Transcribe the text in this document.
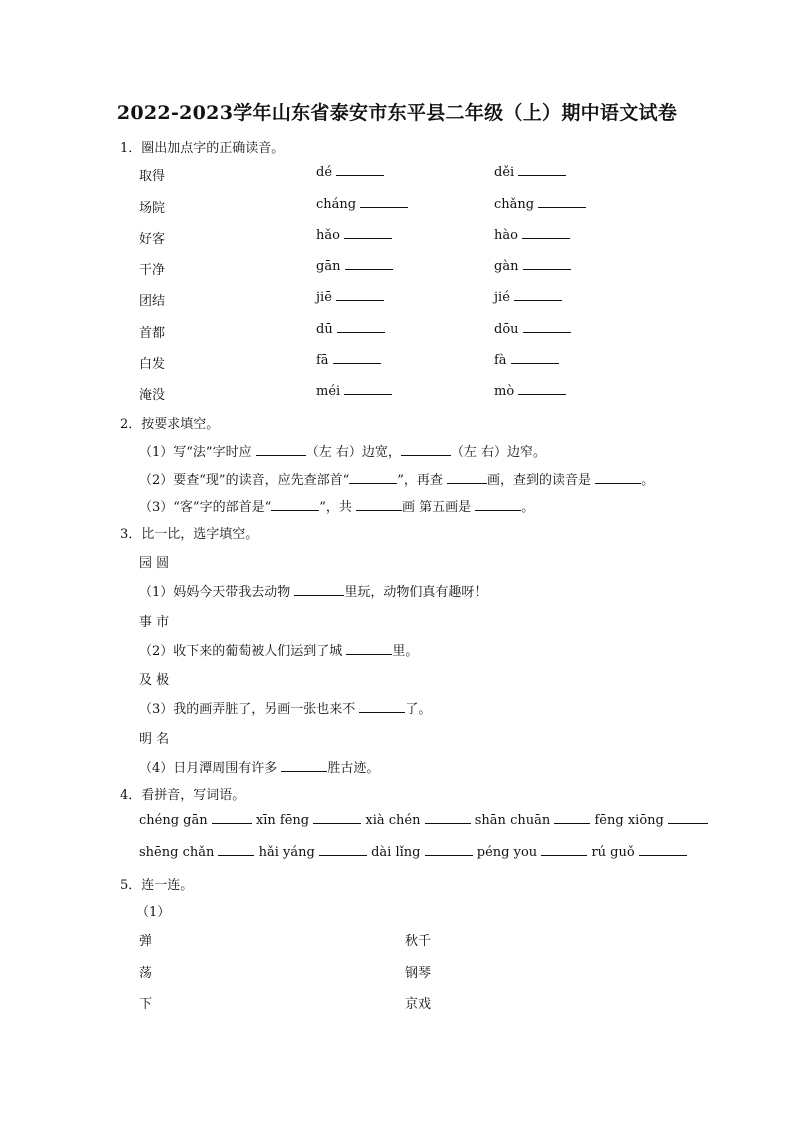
2022-2023学年山东省泰安市东平县二年级（上）期中语文试卷
1．圈出加点字的正确读音。
取得	dé	děi
场院	cháng	chǎng
好客	hǎo	hào
干净	gān	gàn
团结	jiē	jié
首都	dū	dōu
白发	fā	fà
淹没	méi	mò
2．按要求填空。
（1）写“法”字时应	（左 右）边宽，	（左 右）边窄。
（2）要查“现”的读音，应先查部首“	”，再查	画，查到的读音是	。
（3）“客”字的部首是“	”，共	画 第五画是	。
3．比一比，选字填空。
园 圆
（1）妈妈今天带我去动物	里玩，动物们真有趣呀！
事 市
（2）收下来的葡萄被人们运到了城	里。
及 极
（3）我的画弄脏了，另画一张也来不	了。
明 名
（4）日月潭周围有许多	胜古迹。
4．看拼音，写词语。
chéng gān	xīn fēng	xià chén	shān chuān	fēng xiōng
shēng chǎn	hǎi yáng	dài lǐng	péng you	rú guǒ
5．连一连。
（1）
弹	秋千
荡	钢琴
下	京戏
